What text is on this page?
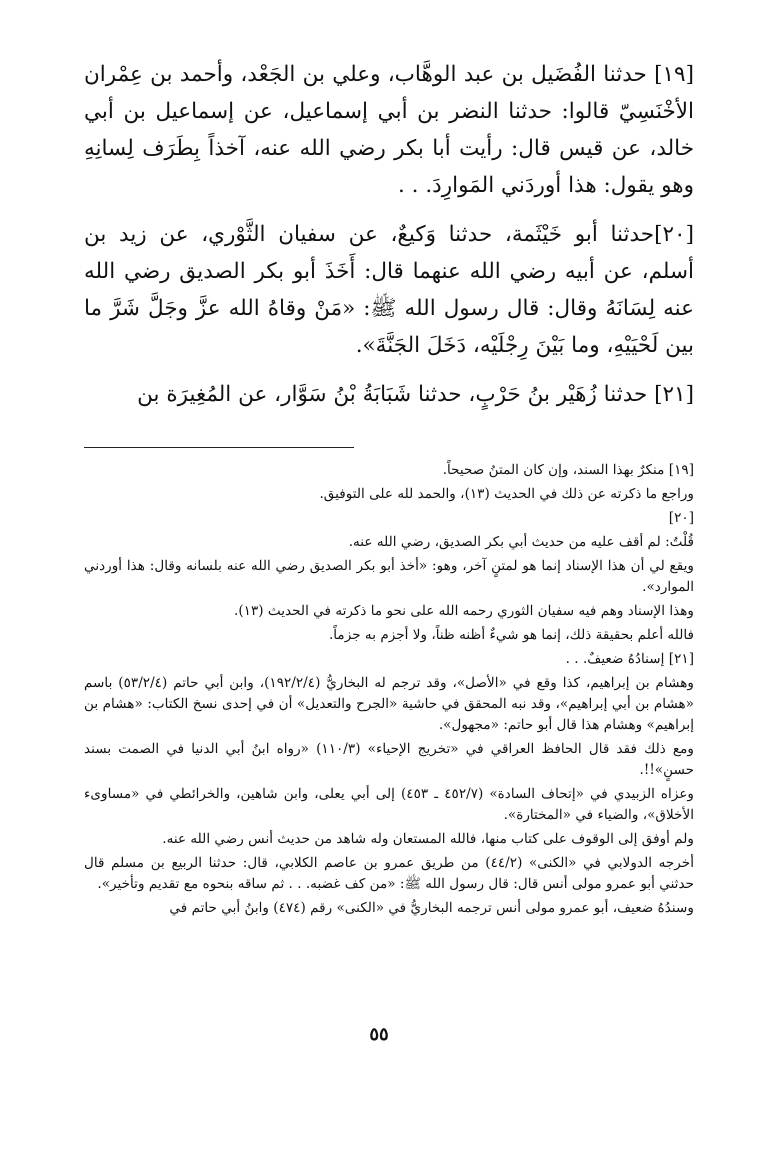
[١٩] حدثنا الفُضَيل بن عبد الوهَّاب، وعلي بن الجَعْد، وأحمد بن عِمْران الأخْنَسِيّ قالوا: حدثنا النضر بن أبي إسماعيل، عن إسماعيل بن أبي خالد، عن قيس قال: رأيت أبا بكر رضي الله عنه، آخذاً بِطَرَف لِسانِهِ وهو يقول: هذا أوردَني المَوارِدَ. . .

[٢٠]حدثنا أبو خَيْثَمة، حدثنا وَكيعٌ، عن سفيان الثَّوْري، عن زيد بن أسلم، عن أبيه رضي الله عنهما قال: أَخَذَ أبو بكر الصديق رضي الله عنه لِسَانَهُ وقال: قال رسول الله ﷺ: «مَنْ وقاهُ الله عزَّ وجَلَّ شَرَّ ما بين لَحْيَيْهِ، وما بَيْنَ رِجْلَيْه، دَخَلَ الجَنَّةَ».

[٢١] حدثنا زُهَيْر بنُ حَرْبٍ، حدثنا شَبَابَةُ بْنُ سَوَّار، عن المُغِيرَة بن

[١٩] منكرٌ بهذا السند، وإن كان المتنُ صحيحاً.

وراجع ما ذكرته عن ذلك في الحديث (١٣)، والحمد لله على التوفيق.

[٢٠]

قُلْتُ: لم أقف عليه من حديث أبي بكر الصديق، رضي الله عنه.

ويقع لي أن هذا الإسناد إنما هو لمتنٍ آخر، وهو: «أخذ أبو بكر الصديق رضي الله عنه بلسانه وقال: هذا أوردني الموارد».

وهذا الإسناد وهم فيه سفيان الثوري رحمه الله على نحو ما ذكرته في الحديث (١٣).

فالله أعلم بحقيقة ذلك، إنما هو شيءٌ أظنه ظناً، ولا أجزم به جزماً.

[٢١] إسنادُهُ ضعيفٌ. . .

وهشام بن إبراهيم، كذا وقع في «الأصل»، وقد ترجم له البخاريُّ (١٩٢/٢/٤)، وابن أبي حاتم (٥٣/٢/٤) باسم «هشام بن أبي إبراهيم»، وقد نبه المحقق في حاشية «الجرح والتعديل» أن في إحدى نسخ الكتاب: «هشام بن إبراهيم» وهشام هذا قال أبو حاتم: «مجهول».

ومع ذلك فقد قال الحافظ العراقي في «تخريج الإحياء» (١١٠/٣) «رواه ابنُ أبي الدنيا في الصمت بسند حسنٍ»!!.

وعزاه الزبيدي في «إتحاف السادة» (٤٥٢/٧ ـ ٤٥٣) إلى أبي يعلى، وابن شاهين، والخرائطي في «مساوىء الأخلاق»، والضياء في «المختارة».

ولم أوفق إلى الوقوف على كتاب منها، فالله المستعان وله شاهد من حديث أنس رضي الله عنه.

أخرجه الدولابي في «الكنى» (٤٤/٢) من طريق عمرو بن عاصم الكلابي، قال: حدثنا الربيع بن مسلم قال حدثني أبو عمرو مولى أنس قال: قال رسول الله ﷺ: «من كف غضبه. . . ثم ساقه بنحوه مع تقديم وتأخير».

وسندُهُ ضعيف، أبو عمرو مولى أنس ترجمه البخاريُّ في «الكنى» رقم (٤٧٤) وابنُ أبي حاتم في

٥٥
